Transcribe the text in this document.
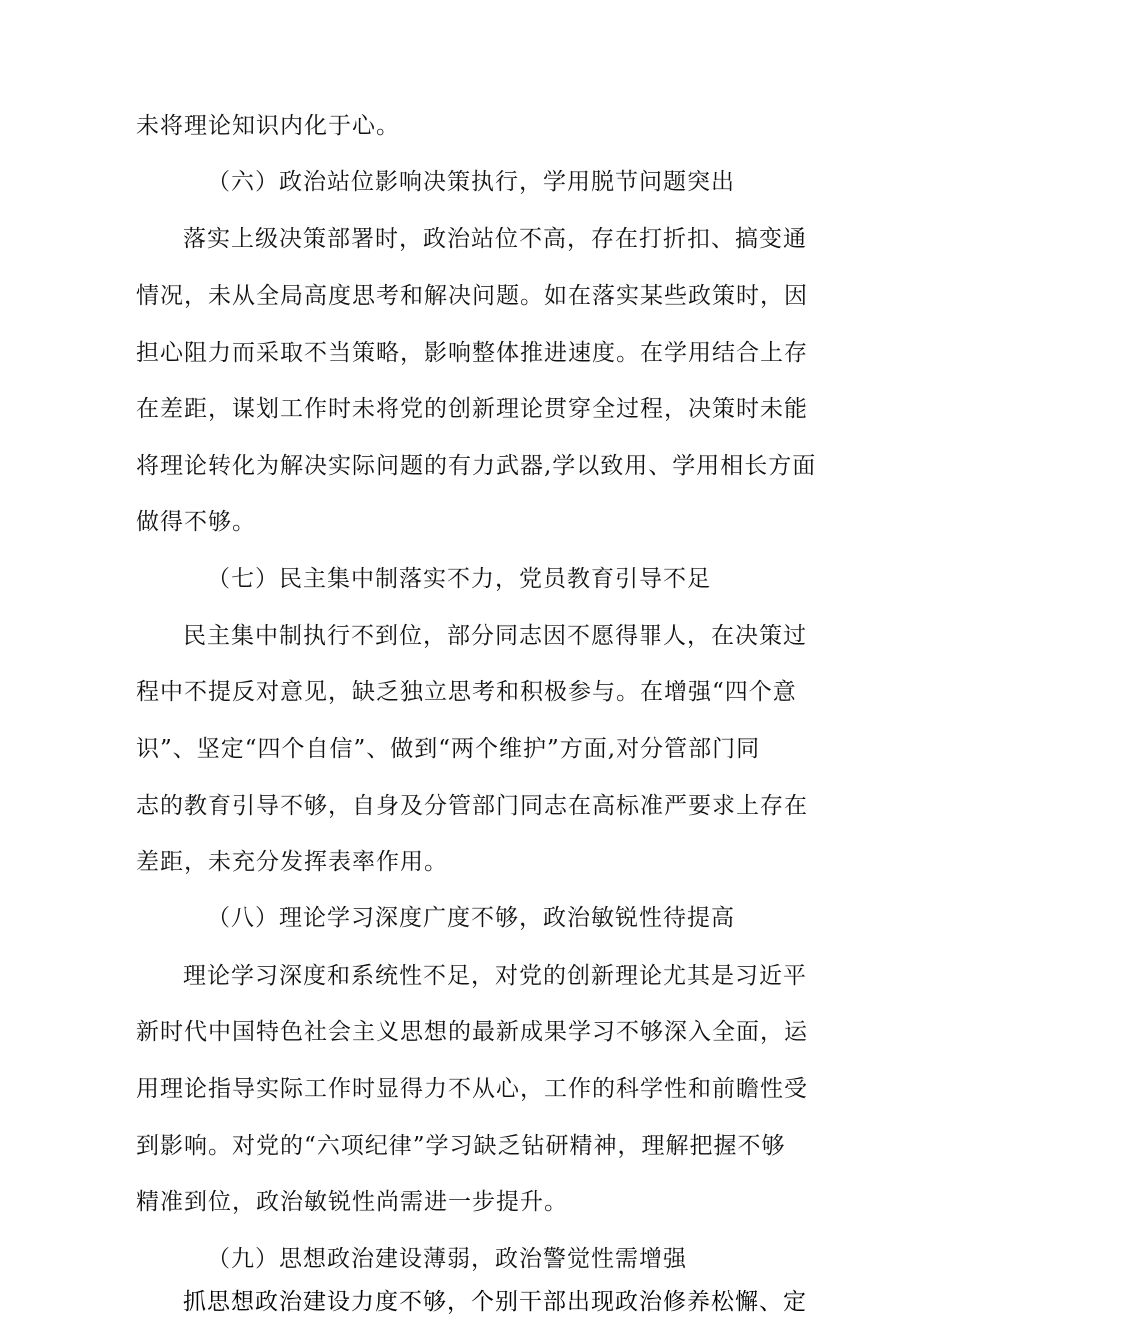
未将理论知识内化于心。
（六）政治站位影响决策执行，学用脱节问题突出
落实上级决策部署时，政治站位不高，存在打折扣、搞变通
情况，未从全局高度思考和解决问题。如在落实某些政策时，因
担心阻力而采取不当策略，影响整体推进速度。在学用结合上存
在差距，谋划工作时未将党的创新理论贯穿全过程，决策时未能
将理论转化为解决实际问题的有力武器,学以致用、学用相长方面
做得不够。
（七）民主集中制落实不力，党员教育引导不足
民主集中制执行不到位，部分同志因不愿得罪人，在决策过
程中不提反对意见，缺乏独立思考和积极参与。在增强“四个意
识”、坚定“四个自信”、做到“两个维护”方面,对分管部门同
志的教育引导不够，自身及分管部门同志在高标准严要求上存在
差距，未充分发挥表率作用。
（八）理论学习深度广度不够，政治敏锐性待提高
理论学习深度和系统性不足，对党的创新理论尤其是习近平
新时代中国特色社会主义思想的最新成果学习不够深入全面，运
用理论指导实际工作时显得力不从心，工作的科学性和前瞻性受
到影响。对党的“六项纪律”学习缺乏钻研精神，理解把握不够
精准到位，政治敏锐性尚需进一步提升。
（九）思想政治建设薄弱，政治警觉性需增强
抓思想政治建设力度不够，个别干部出现政治修养松懈、定
